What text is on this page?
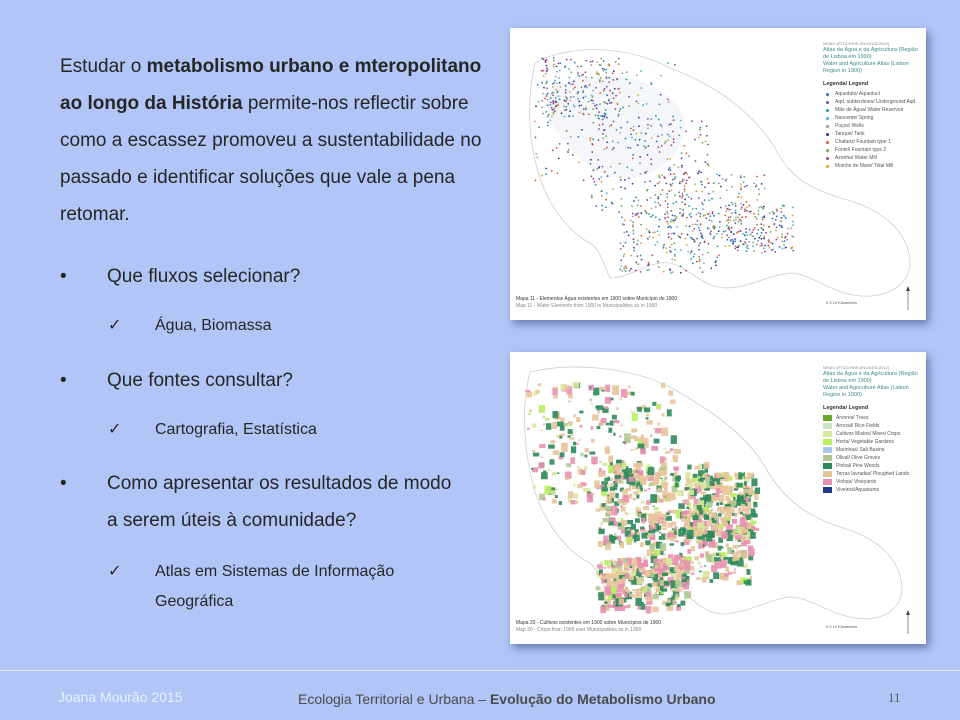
Estudar o metabolismo urbano e mteropolitano ao longo da História permite-nos reflectir sobre como a escassez promoveu a sustentabilidade no passado e identificar soluções que vale a pena retomar.

• Que fluxos selecionar?
✓ Água, Biomassa
• Que fontes consultar?
✓ Cartografia, Estatística
• Como apresentar os resultados de modo a serem úteis à comunidade?
✓ Atlas em Sistemas de Informação Geográfica
MEMO (PTDC/HHS-ENV/0101/2012)
Atlas da Água e da Agricultura (Região de Lisboa em 1900)
Water and Agriculture Atlas (Lisbon Region in 1900)
Legenda/ Legend
Aqueduto/ Aqueduct
Aqd. subterrâneo/ Underground Aqd.
Mãe de Água/ Water Reservoir
Nascente/ Spring
Poços/ Wells
Tanque/ Tank
Chafariz/ Fountain type 1
Fontel/ Fountain type 2
Azenha/ Water Mill
Moinho de Maré/ Tidal Mill
Mapa 11 - Elementos Água existentes em 1900 sobre Município de 1900
Map 11 - Water Elements from 1900 in Municipalities as in 1900
0 5 10 Kilometers
MEMO (PTDC/HHS-ENV/0101/2012)
Atlas da Água e da Agricultura (Região de Lisboa em 1900)
Water and Agriculture Atlas (Lisbon Region in 1900)
Legenda/ Legend
Arvores/ Trees
Arrozal/ Rice Fields
Cultivos Mistos/ Mixed Crops
Horta/ Vegetable Gardens
Marinhas/ Salt Basins
Olival/ Olive Groves
Pinhal/ Pine Woods
Terras lavradas/ Ploughed Lands
Vinhas/ Vineyards
Viveiros/Aquariums
Mapa 20 - Cultivos existentes em 1900 sobre Municípios de 1900
Map 20 - Crops from 1900 over Municipalities as in 1900
0 5 10 Kilometers
Joana Mourão 2015	Ecologia Territorial e Urbana – Evolução do Metabolismo Urbano	11
